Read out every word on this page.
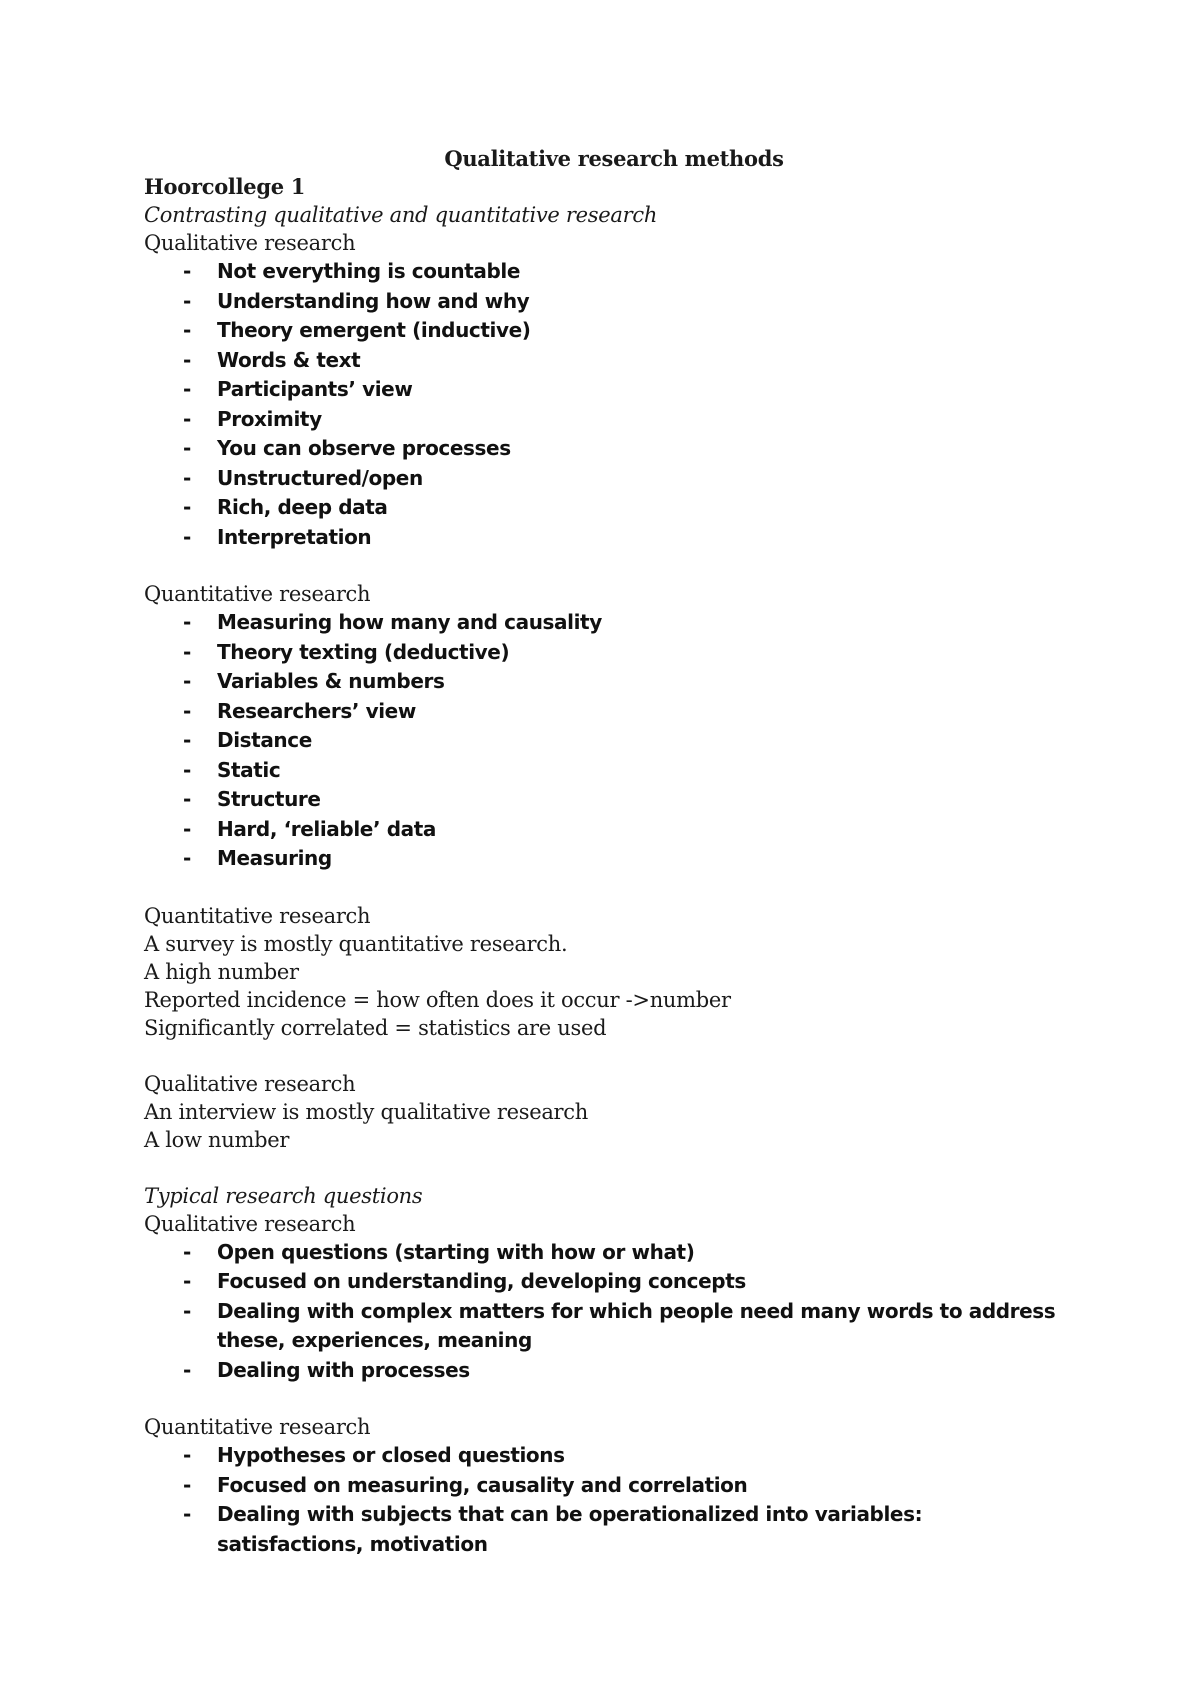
Qualitative research methods

Hoorcollege 1

Contrasting qualitative and quantitative research

Qualitative research

- Not everything is countable
- Understanding how and why
- Theory emergent (inductive)
- Words & text
- Participants’ view
- Proximity
- You can observe processes
- Unstructured/open
- Rich, deep data
- Interpretation

Quantitative research

- Measuring how many and causality
- Theory texting (deductive)
- Variables & numbers
- Researchers’ view
- Distance
- Static
- Structure
- Hard, ‘reliable’ data
- Measuring

Quantitative research

A survey is mostly quantitative research.

A high number

Reported incidence = how often does it occur ->number

Significantly correlated = statistics are used

Qualitative research

An interview is mostly qualitative research

A low number

Typical research questions

Qualitative research

- Open questions (starting with how or what)
- Focused on understanding, developing concepts
- Dealing with complex matters for which people need many words to address these, experiences, meaning
- Dealing with processes

Quantitative research

- Hypotheses or closed questions
- Focused on measuring, causality and correlation
- Dealing with subjects that can be operationalized into variables: satisfactions, motivation
